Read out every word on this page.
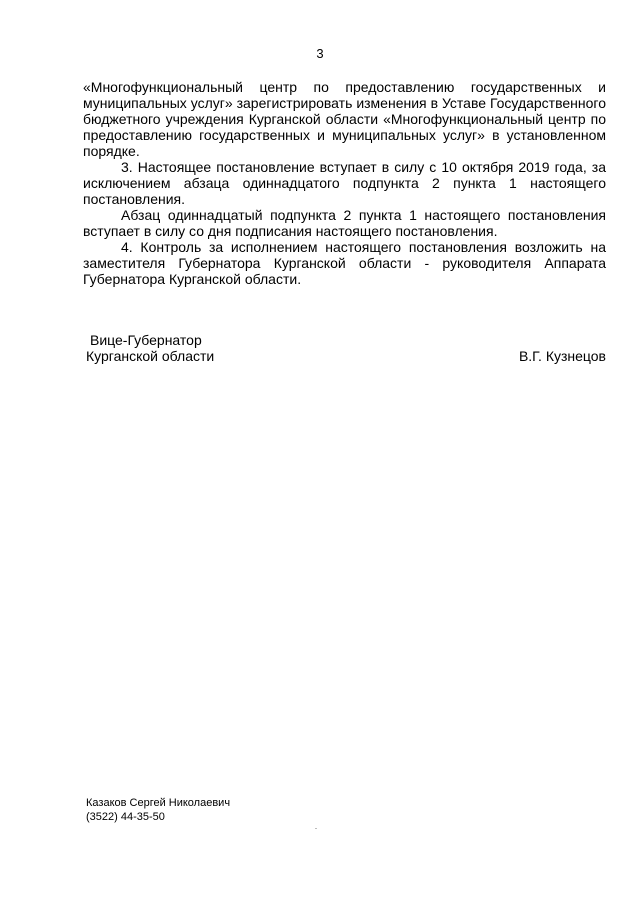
3

«Многофункциональный центр по предоставлению государственных и муниципальных услуг» зарегистрировать изменения в Уставе Государственного бюджетного учреждения Курганской области «Многофункциональный центр по предоставлению государственных и муниципальных услуг» в установленном порядке.

3. Настоящее постановление вступает в силу с 10 октября 2019 года, за исключением абзаца одиннадцатого подпункта 2 пункта 1 настоящего постановления.

Абзац одиннадцатый подпункта 2 пункта 1 настоящего постановления вступает в силу со дня подписания настоящего постановления.

4. Контроль за исполнением настоящего постановления возложить на заместителя Губернатора Курганской области - руководителя Аппарата Губернатора Курганской области.

Вице-Губернатор
Курганской области	В.Г. Кузнецов
Казаков Сергей Николаевич
(3522) 44-35-50
